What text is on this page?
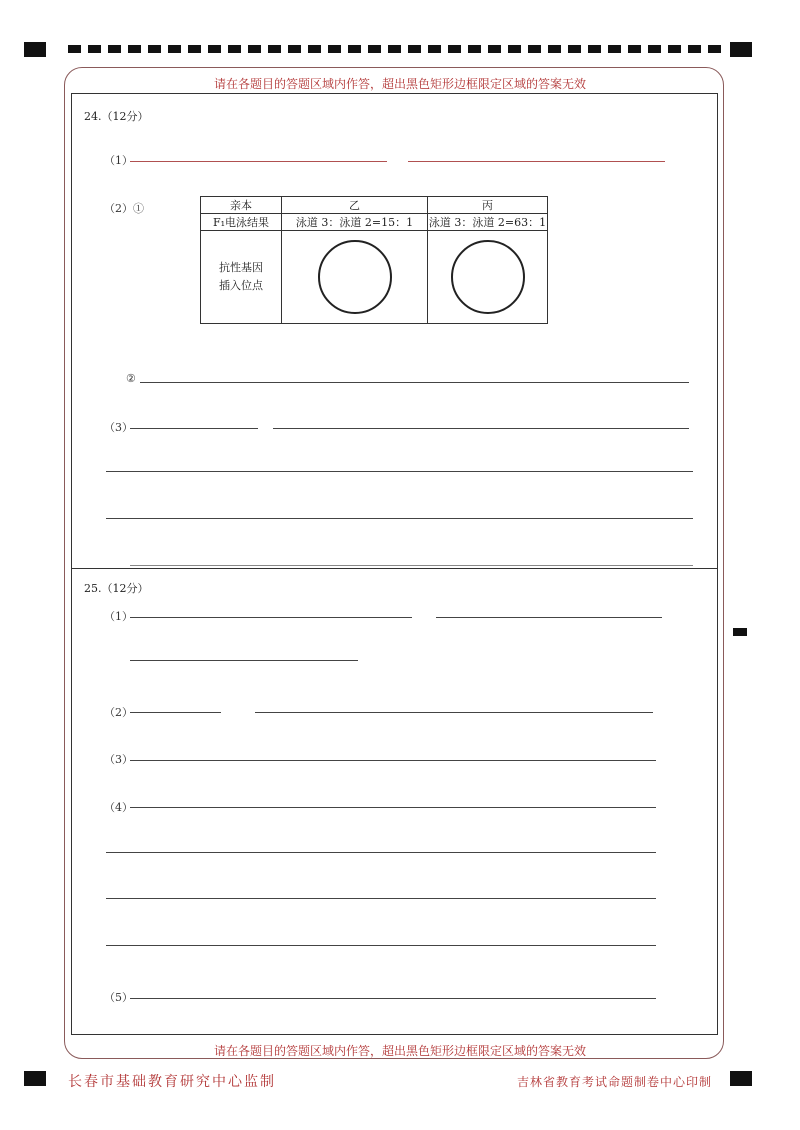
请在各题目的答题区域内作答，超出黑色矩形边框限定区域的答案无效
请在各题目的答题区域内作答，超出黑色矩形边框限定区域的答案无效
24.（12分）
（1）
（2）①	亲本	乙	丙
F₁电泳结果	泳道 3：泳道 2=15：1	泳道 3：泳道 2=63：1

抗性基因
插入位点		

②
（3）
25.（12分）
（1）
（2）
（3）
（4）
（5）
长春市基础教育研究中心监制	吉林省教育考试命题制卷中心印制
